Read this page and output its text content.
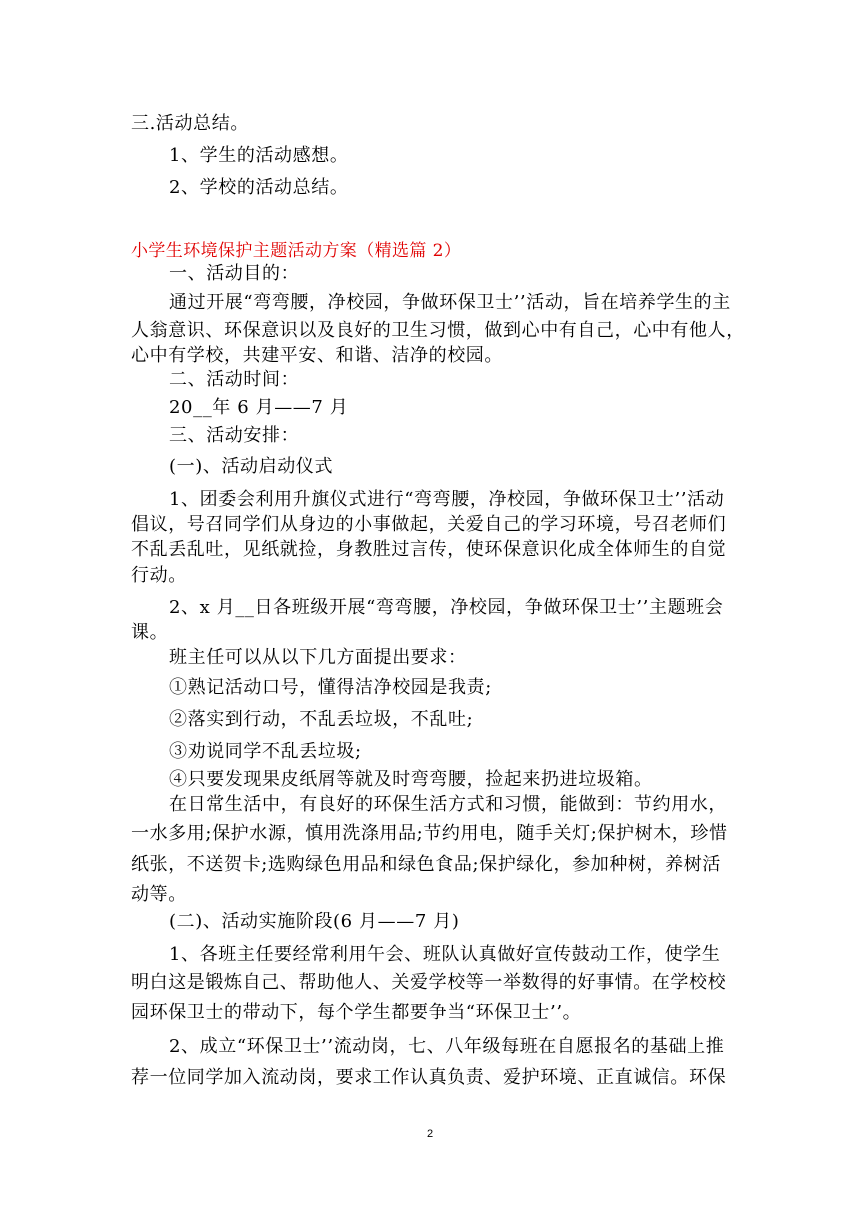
三.活动总结。
1、学生的活动感想。
2、学校的活动总结。
小学生环境保护主题活动方案（精选篇 2）
一、活动目的：
通过开展“弯弯腰，净校园，争做环保卫士’’活动，旨在培养学生的主
人翁意识、环保意识以及良好的卫生习惯，做到心中有自己，心中有他人，
心中有学校，共建平安、和谐、洁净的校园。
二、活动时间：
20__年 6 月——7 月
三、活动安排：
(一)、活动启动仪式
1、团委会利用升旗仪式进行“弯弯腰，净校园，争做环保卫士’’活动
倡议，号召同学们从身边的小事做起，关爱自己的学习环境，号召老师们
不乱丢乱吐，见纸就捡，身教胜过言传，使环保意识化成全体师生的自觉
行动。
2、x 月__日各班级开展“弯弯腰，净校园，争做环保卫士’’主题班会
课。
班主任可以从以下几方面提出要求：
①熟记活动口号，懂得洁净校园是我责;
②落实到行动，不乱丢垃圾，不乱吐;
③劝说同学不乱丢垃圾;
④只要发现果皮纸屑等就及时弯弯腰，捡起来扔进垃圾箱。
在日常生活中，有良好的环保生活方式和习惯，能做到：节约用水，
一水多用;保护水源，慎用洗涤用品;节约用电，随手关灯;保护树木，珍惜
纸张，不送贺卡;选购绿色用品和绿色食品;保护绿化，参加种树，养树活
动等。
(二)、活动实施阶段(6 月——7 月)
1、各班主任要经常利用午会、班队认真做好宣传鼓动工作，使学生
明白这是锻炼自己、帮助他人、关爱学校等一举数得的好事情。在学校校
园环保卫士的带动下，每个学生都要争当“环保卫士’’。
2、成立“环保卫士’’流动岗，七、八年级每班在自愿报名的基础上推
荐一位同学加入流动岗，要求工作认真负责、爱护环境、正直诚信。环保
2
